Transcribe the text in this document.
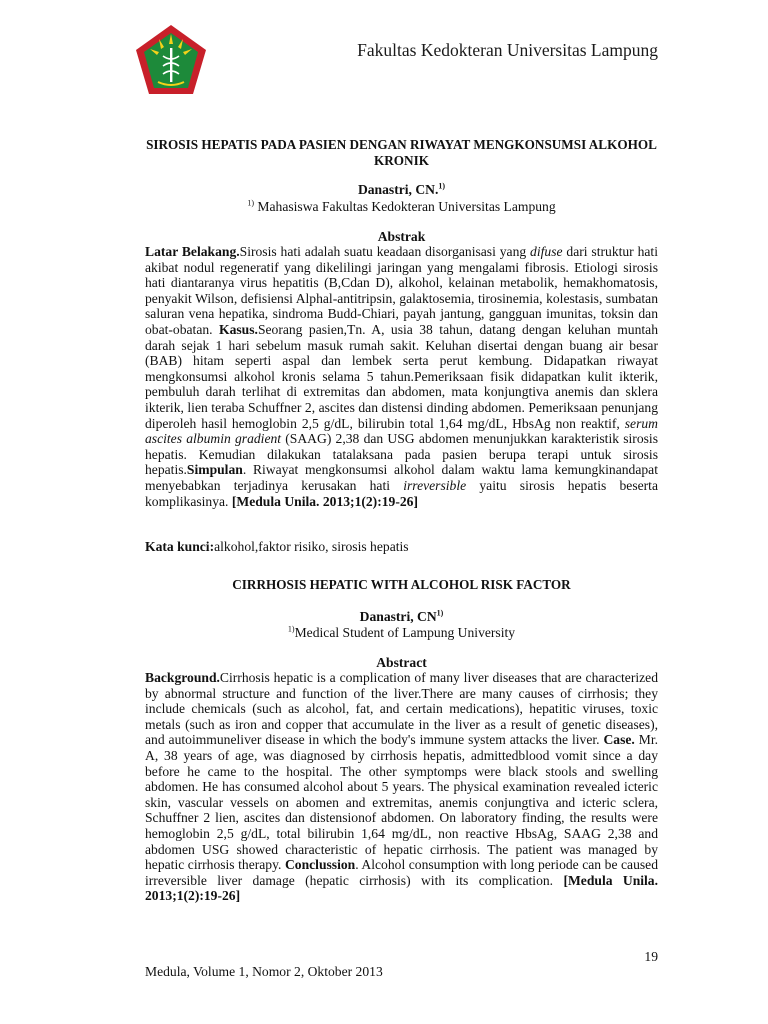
Fakultas Kedokteran Universitas Lampung
SIROSIS HEPATIS PADA PASIEN DENGAN RIWAYAT MENGKONSUMSI ALKOHOL KRONIK
Danastri, CN.$^{1)}$
$^{1)}$ Mahasiswa Fakultas Kedokteran Universitas Lampung
Abstrak
Latar Belakang.Sirosis hati adalah suatu keadaan disorganisasi yang difuse dari struktur hati akibat nodul regeneratif yang dikelilingi jaringan yang mengalami fibrosis. Etiologi sirosis hati diantaranya virus hepatitis (B,Cdan D), alkohol, kelainan metabolik, hemakhomatosis, penyakit Wilson, defisiensi Alphal-antitripsin, galaktosemia, tirosinemia, kolestasis, sumbatan saluran vena hepatika, sindroma Budd-Chiari, payah jantung, gangguan imunitas, toksin dan obat-obatan. Kasus.Seorang pasien,Tn. A, usia 38 tahun, datang dengan keluhan muntah darah sejak 1 hari sebelum masuk rumah sakit. Keluhan disertai dengan buang air besar (BAB) hitam seperti aspal dan lembek serta perut kembung. Didapatkan riwayat mengkonsumsi alkohol kronis selama 5 tahun.Pemeriksaan fisik didapatkan kulit ikterik, pembuluh darah terlihat di extremitas dan abdomen, mata konjungtiva anemis dan sklera ikterik, lien teraba Schuffner 2, ascites dan distensi dinding abdomen. Pemeriksaan penunjang diperoleh hasil hemoglobin 2,5 g/dL, bilirubin total 1,64 mg/dL, HbsAg non reaktif, serum ascites albumin gradient (SAAG) 2,38 dan USG abdomen menunjukkan karakteristik sirosis hepatis. Kemudian dilakukan tatalaksana pada pasien berupa terapi untuk sirosis hepatis.Simpulan. Riwayat mengkonsumsi alkohol dalam waktu lama kemungkinandapat menyebabkan terjadinya kerusakan hati irreversible yaitu sirosis hepatis beserta komplikasinya. [Medula Unila. 2013;1(2):19-26]
Kata kunci:alkohol,faktor risiko, sirosis hepatis
CIRRHOSIS HEPATIC WITH ALCOHOL RISK FACTOR
Danastri, CN$^{1)}$
$^{1)}$Medical Student of Lampung University
Abstract
Background.Cirrhosis hepatic is a complication of many liver diseases that are characterized by abnormal structure and function of the liver.There are many causes of cirrhosis; they include chemicals (such as alcohol, fat, and certain medications), hepatitic viruses, toxic metals (such as iron and copper that accumulate in the liver as a result of genetic diseases), and autoimmuneliver disease in which the body's immune system attacks the liver. Case. Mr. A, 38 years of age, was diagnosed by cirrhosis hepatis, admittedblood vomit since a day before he came to the hospital. The other symptomps were black stools and swelling abdomen. He has consumed alcohol about 5 years. The physical examination revealed icteric skin, vascular vessels on abomen and extremitas, anemis conjungtiva and icteric sclera, Schuffner 2 lien, ascites dan distensionof abdomen. On laboratory finding, the results were hemoglobin 2,5 g/dL, total bilirubin 1,64 mg/dL, non reactive HbsAg, SAAG 2,38 and abdomen USG showed characteristic of hepatic cirrhosis. The patient was managed by hepatic cirrhosis therapy. Conclussion. Alcohol consumption with long periode can be caused irreversible liver damage (hepatic cirrhosis) with its complication. [Medula Unila. 2013;1(2):19-26]
19
Medula, Volume 1, Nomor 2, Oktober 2013
